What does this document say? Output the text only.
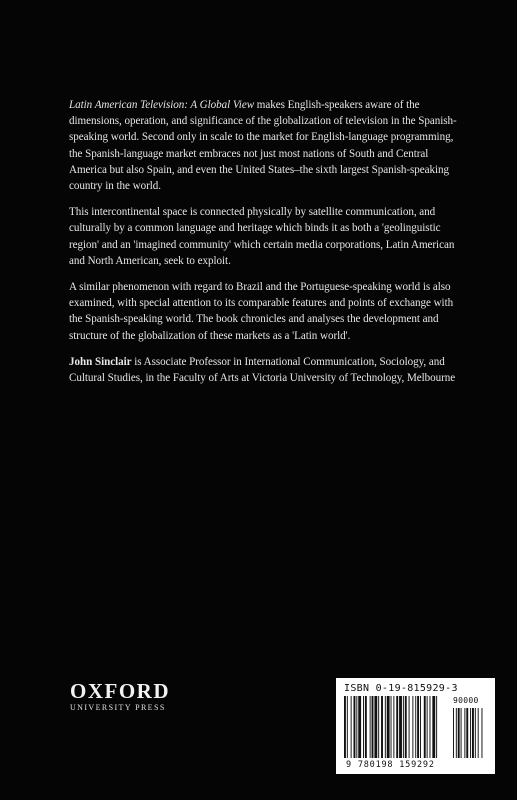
Latin American Television: A Global View makes English-speakers aware of the dimensions, operation, and significance of the globalization of television in the Spanish-speaking world. Second only in scale to the market for English-language programming, the Spanish-language market embraces not just most nations of South and Central America but also Spain, and even the United States–the sixth largest Spanish-speaking country in the world.

This intercontinental space is connected physically by satellite communication, and culturally by a common language and heritage which binds it as both a 'geolinguistic region' and an 'imagined community' which certain media corporations, Latin American and North American, seek to exploit.

A similar phenomenon with regard to Brazil and the Portuguese-speaking world is also examined, with special attention to its comparable features and points of exchange with the Spanish-speaking world. The book chronicles and analyses the development and structure of the globalization of these markets as a 'Latin world'.

John Sinclair is Associate Professor in International Communication, Sociology, and Cultural Studies, in the Faculty of Arts at Victoria University of Technology, Melbourne

OXFORD
UNIVERSITY PRESS
ISBN 0-19-815929-3
90000
9 780198 159292
